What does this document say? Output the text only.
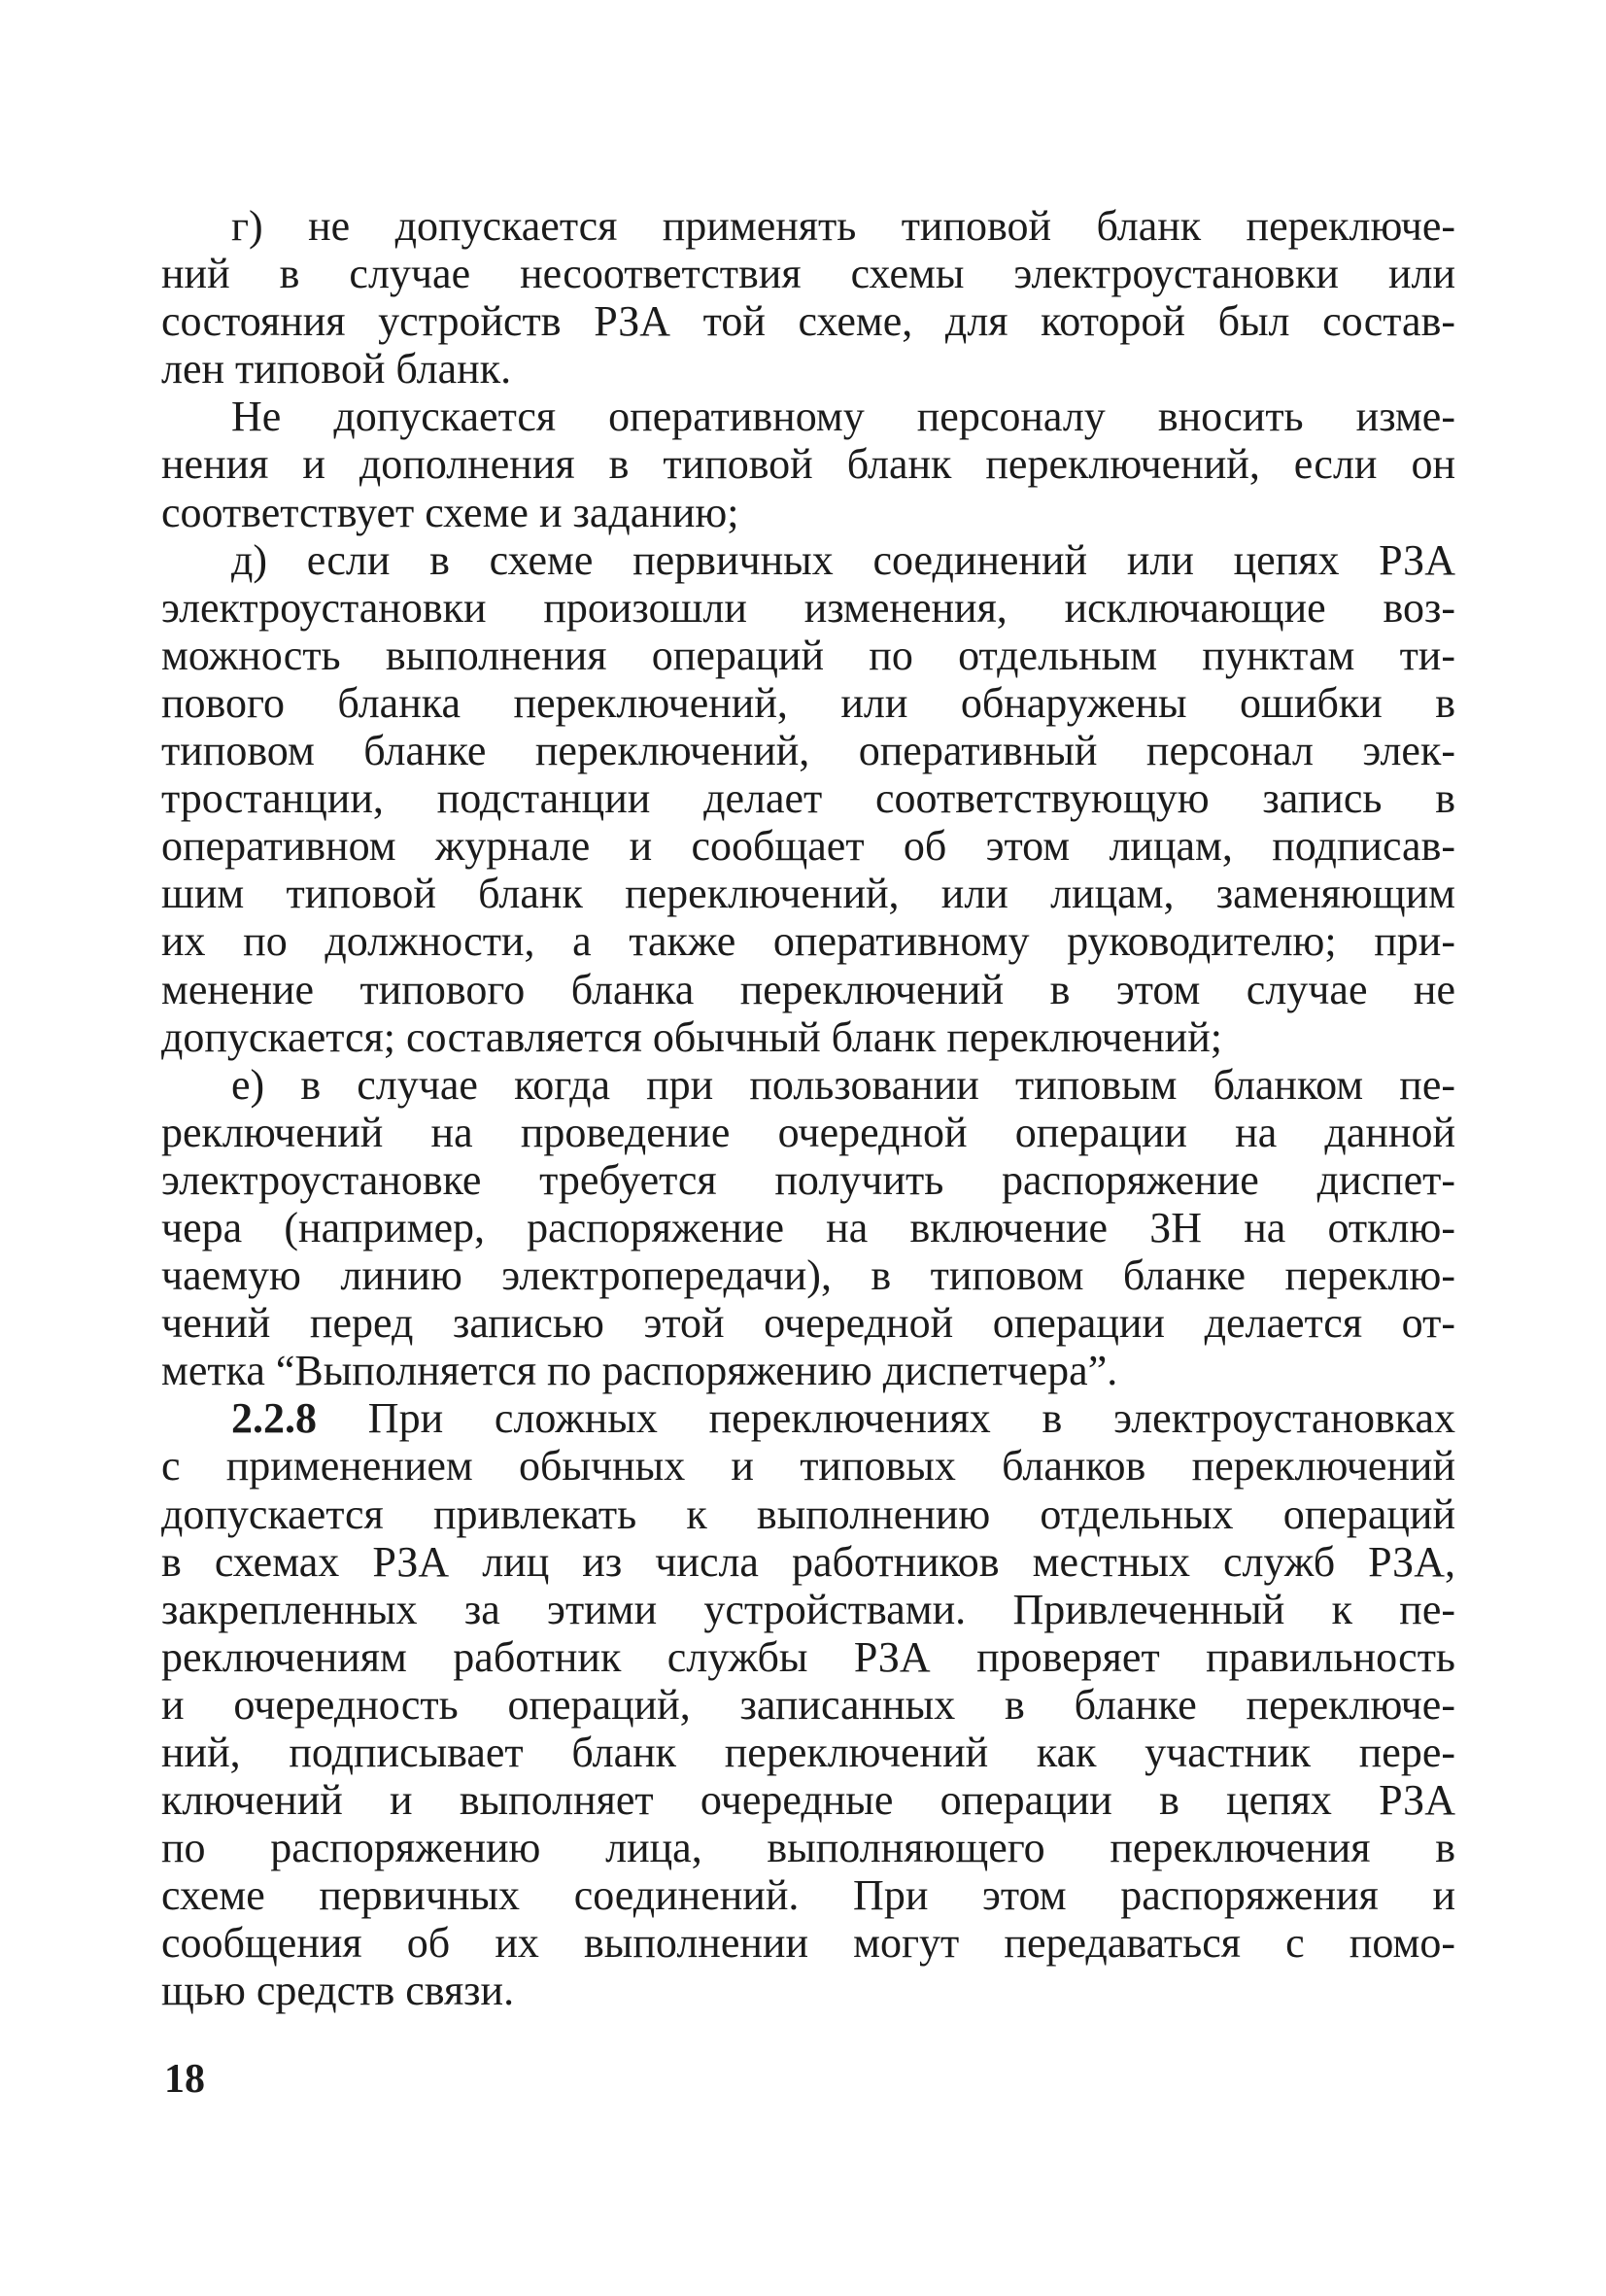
г) не допускается применять типовой бланк переключе-
ний в случае несоответствия схемы электроустановки или
состояния устройств РЗА той схеме, для которой был состав-
лен типовой бланк.
Не допускается оперативному персоналу вносить изме-
нения и дополнения в типовой бланк переключений, если он
соответствует схеме и заданию;
д) если в схеме первичных соединений или цепях РЗА
электроустановки произошли изменения, исключающие воз-
можность выполнения операций по отдельным пунктам ти-
пового бланка переключений, или обнаружены ошибки в
типовом бланке переключений, оперативный персонал элек-
тростанции, подстанции делает соответствующую запись в
оперативном журнале и сообщает об этом лицам, подписав-
шим типовой бланк переключений, или лицам, заменяющим
их по должности, а также оперативному руководителю; при-
менение типового бланка переключений в этом случае не
допускается; составляется обычный бланк переключений;
е) в случае когда при пользовании типовым бланком пе-
реключений на проведение очередной операции на данной
электроустановке требуется получить распоряжение диспет-
чера (например, распоряжение на включение ЗН на отклю-
чаемую линию электропередачи), в типовом бланке переклю-
чений перед записью этой очередной операции делается от-
метка “Выполняется по распоряжению диспетчера”.
2.2.8 При сложных переключениях в электроустановках
с применением обычных и типовых бланков переключений
допускается привлекать к выполнению отдельных операций
в схемах РЗА лиц из числа работников местных служб РЗА,
закрепленных за этими устройствами. Привлеченный к пе-
реключениям работник службы РЗА проверяет правильность
и очередность операций, записанных в бланке переключе-
ний, подписывает бланк переключений как участник пере-
ключений и выполняет очередные операции в цепях РЗА
по распоряжению лица, выполняющего переключения в
схеме первичных соединений. При этом распоряжения и
сообщения об их выполнении могут передаваться с помо-
щью средств связи.

18
